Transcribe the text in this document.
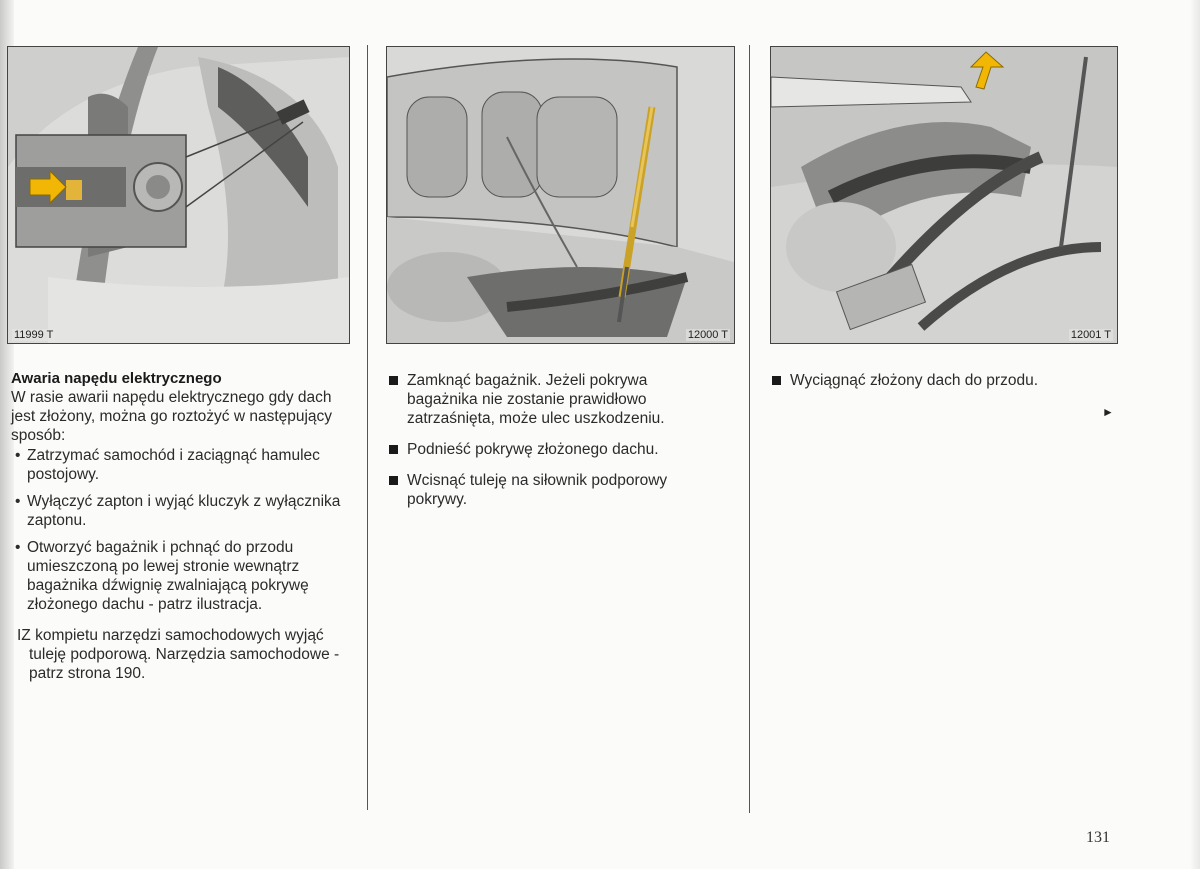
11999 T	12000 T	12001 T
Awaria napędu elektrycznego

W rasie awarii napędu elektrycznego gdy dach jest złożony, można go roztożyć w następujący sposób:

• Zatrzymać samochód i zaciągnąć hamulec postojowy.
• Wyłączyć zapton i wyjąć kluczyk z wyłącznika zaptonu.
• Otworzyć bagażnik i pchnąć do przodu umieszczoną po lewej stronie wewnątrz bagażnika dźwignię zwalniającą pokrywę złożonego dachu - patrz ilustracja.

IZ kompietu narzędzi samochodowych wyjąć tuleję podporową. Narzędzia samochodowe - patrz strona 190.

Zamknąć bagażnik. Jeżeli pokrywa bagażnika nie zostanie prawidłowo zatrzaśnięta, może ulec uszkodzeniu.
Podnieść pokrywę złożonego dachu.
Wcisnąć tuleję na siłownik podporowy pokrywy.
Wyciągnąć złożony dach do przodu.
►
131
